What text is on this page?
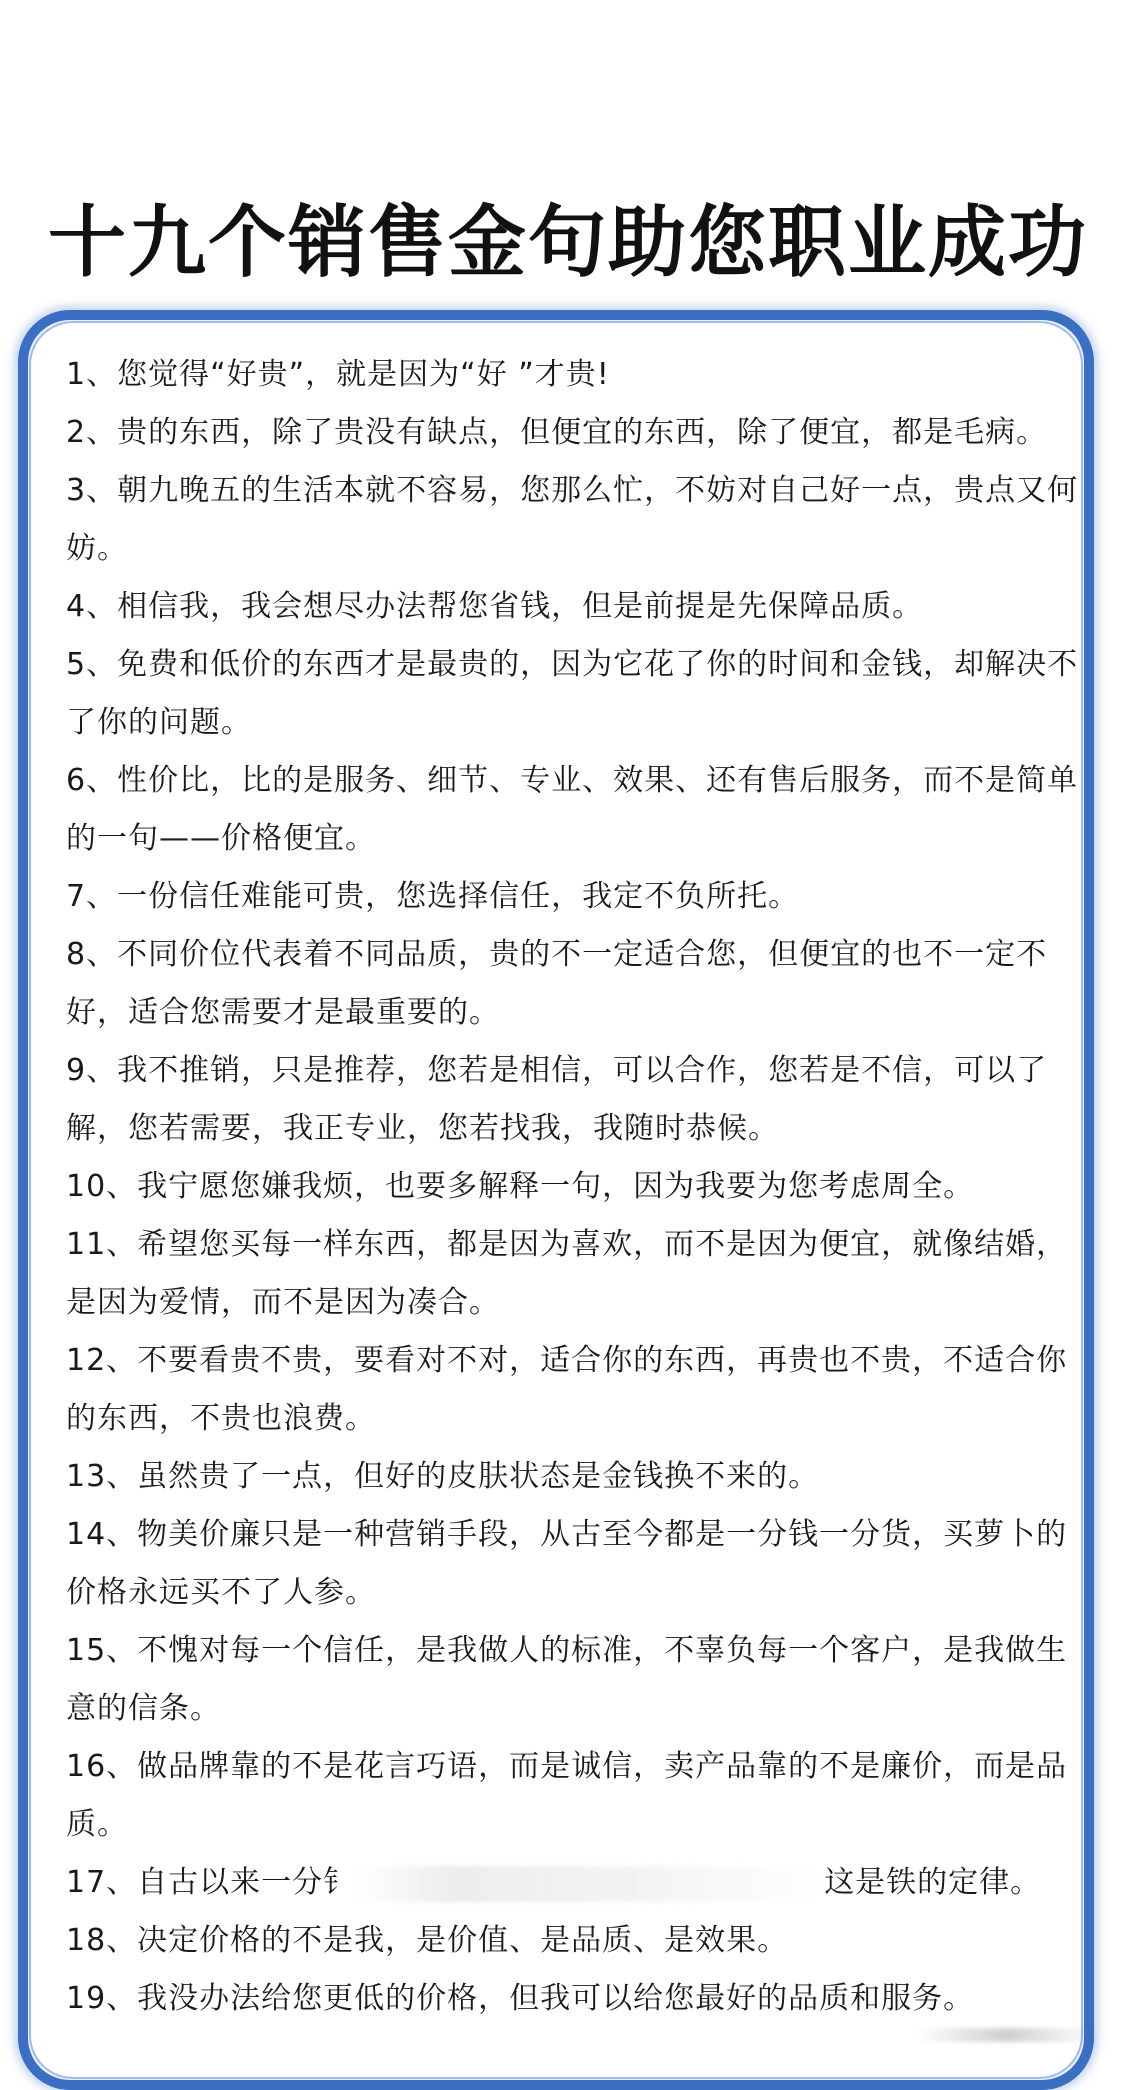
十九个销售金句助您职业成功
1、您觉得“好贵”，就是因为“好 ”才贵!
2、贵的东西，除了贵没有缺点，但便宜的东西，除了便宜，都是毛病。
3、朝九晚五的生活本就不容易，您那么忙，不妨对自己好一点，贵点又何妨。
4、相信我，我会想尽办法帮您省钱，但是前提是先保障品质。
5、免费和低价的东西才是最贵的，因为它花了你的时间和金钱，却解决不了你的问题。
6、性价比，比的是服务、细节、专业、效果、还有售后服务，而不是简单的一句——价格便宜。
7、一份信任难能可贵，您选择信任，我定不负所托。
8、不同价位代表着不同品质，贵的不一定适合您，但便宜的也不一定不好，适合您需要才是最重要的。
9、我不推销，只是推荐，您若是相信，可以合作，您若是不信，可以了解，您若需要，我正专业，您若找我，我随时恭候。
10、我宁愿您嫌我烦，也要多解释一句，因为我要为您考虑周全。
11、希望您买每一样东西，都是因为喜欢，而不是因为便宜，就像结婚，是因为爱情，而不是因为凑合。
12、不要看贵不贵，要看对不对，适合你的东西，再贵也不贵，不适合你的东西，不贵也浪费。
13、虽然贵了一点，但好的皮肤状态是金钱换不来的。
14、物美价廉只是一种营销手段，从古至今都是一分钱一分货，买萝卜的价格永远买不了人参。
15、不愧对每一个信任，是我做人的标准，不辜负每一个客户，是我做生意的信条。
16、做品牌靠的不是花言巧语，而是诚信，卖产品靠的不是廉价，而是品质。
17、自古以来一分钅	这是铁的定律。
18、决定价格的不是我，是价值、是品质、是效果。
19、我没办法给您更低的价格，但我可以给您最好的品质和服务。
